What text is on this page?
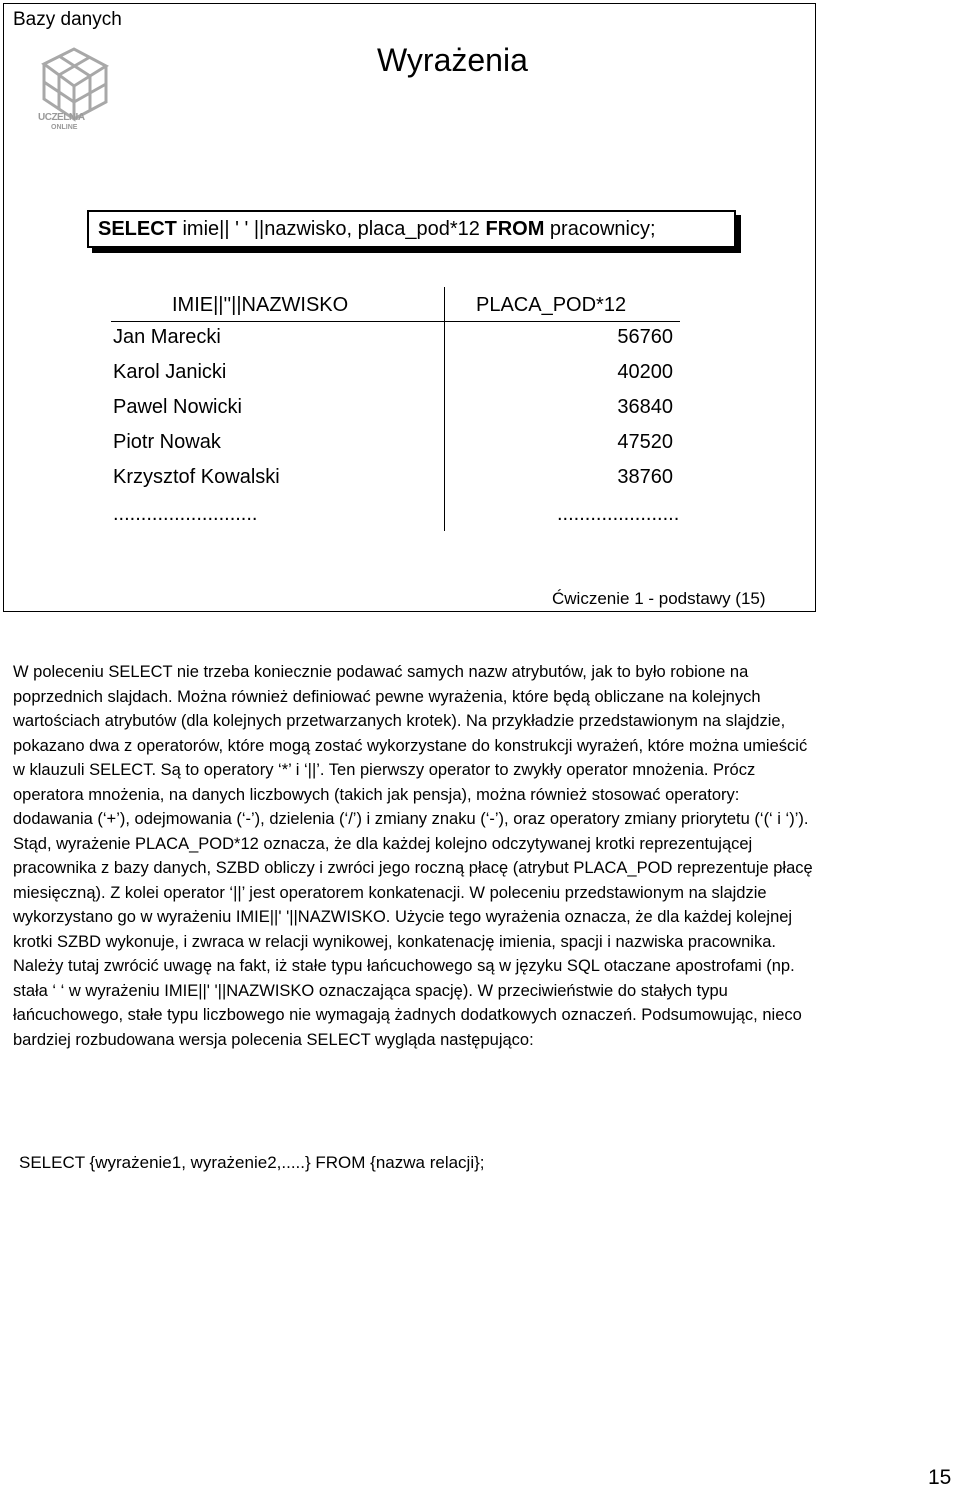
Bazy danych
Wyrażenia
UCZELNIA
ONLINE
SELECT imie|| ' ' ||nazwisko, placa_pod*12 FROM pracownicy;
IMIE||''||NAZWISKO	PLACA_POD*12
Jan Marecki	56760
Karol Janicki	40200
Pawel Nowicki	36840
Piotr Nowak	47520
Krzysztof Kowalski	38760
..........................	......................
Ćwiczenie 1 - podstawy (15)

W poleceniu SELECT nie trzeba koniecznie podawać samych nazw atrybutów, jak to było robione na poprzednich slajdach. Można również definiować pewne wyrażenia, które będą obliczane na kolejnych wartościach atrybutów (dla kolejnych przetwarzanych krotek). Na przykładzie przedstawionym na slajdzie, pokazano dwa z operatorów, które mogą zostać wykorzystane do konstrukcji wyrażeń, które można umieścić w klauzuli SELECT. Są to operatory ‘*’ i ‘||’. Ten pierwszy operator to zwykły operator mnożenia. Prócz operatora mnożenia, na danych liczbowych (takich jak pensja), można również stosować operatory: dodawania (‘+’), odejmowania (‘-’), dzielenia (‘/’) i zmiany znaku (‘-’), oraz operatory zmiany priorytetu (‘(‘ i ‘)’). Stąd, wyrażenie PLACA_POD*12 oznacza, że dla każdej kolejno odczytywanej krotki reprezentującej pracownika z bazy danych, SZBD obliczy i zwróci jego roczną płacę (atrybut PLACA_POD reprezentuje płacę miesięczną). Z kolei operator ‘||’ jest operatorem konkatenacji. W poleceniu przedstawionym na slajdzie wykorzystano go w wyrażeniu IMIE||' '||NAZWISKO. Użycie tego wyrażenia oznacza, że dla każdej kolejnej krotki SZBD wykonuje, i zwraca w relacji wynikowej, konkatenację imienia, spacji i nazwiska pracownika. Należy tutaj zwrócić uwagę na fakt, iż stałe typu łańcuchowego są w języku SQL otaczane apostrofami (np. stała ‘ ‘ w wyrażeniu IMIE||' '||NAZWISKO oznaczająca spację). W przeciwieństwie do stałych typu łańcuchowego, stałe typu liczbowego nie wymagają żadnych dodatkowych oznaczeń. Podsumowując, nieco bardziej rozbudowana wersja polecenia SELECT wygląda następująco:

SELECT {wyrażenie1, wyrażenie2,.....} FROM {nazwa relacji};
15
